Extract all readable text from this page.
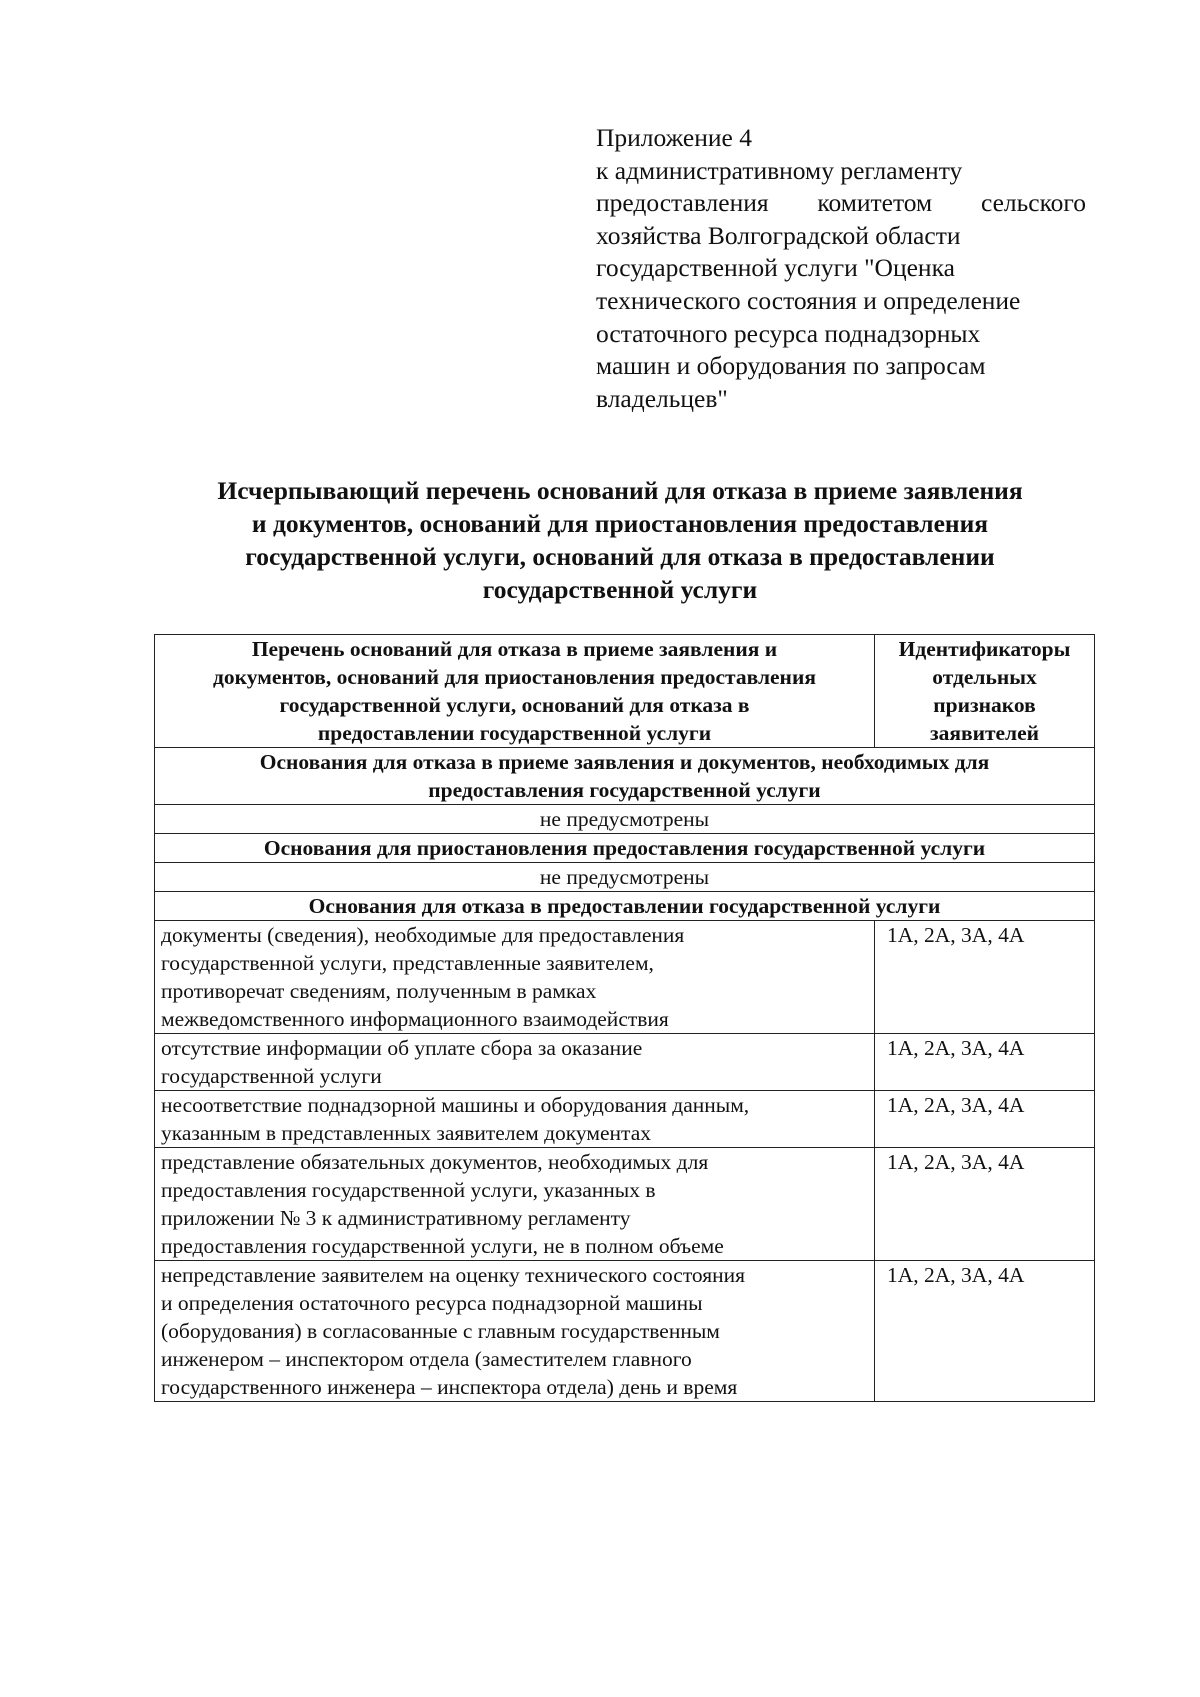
Приложение 4
к административному регламенту
предоставления комитетом сельского
хозяйства Волгоградской области
государственной услуги "Оценка
технического состояния и определение
остаточного ресурса поднадзорных
машин и оборудования по запросам
владельцев"
Исчерпывающий перечень оснований для отказа в приеме заявления
и документов, оснований для приостановления предоставления
государственной услуги, оснований для отказа в предоставлении
государственной услуги
Перечень оснований для отказа в приеме заявления и
документов, оснований для приостановления предоставления
государственной услуги, оснований для отказа в
предоставлении государственной услуги	Идентификаторы
отдельных
признаков
заявителей

Основания для отказа в приеме заявления и документов, необходимых для
предоставления государственной услуги	

не предусмотрены	
Основания для приостановления предоставления государственной услуги	
не предусмотрены	
Основания для отказа в предоставлении государственной услуги	

документы (сведения), необходимые для предоставления
государственной услуги, представленные заявителем,
противоречат сведениям, полученным в рамках
межведомственного информационного взаимодействия	1А, 2А, 3А, 4А

отсутствие информации об уплате сбора за оказание
государственной услуги	1А, 2А, 3А, 4А

несоответствие поднадзорной машины и оборудования данным,
указанным в представленных заявителем документах	1А, 2А, 3А, 4А

представление обязательных документов, необходимых для
предоставления государственной услуги, указанных в
приложении № 3 к административному регламенту
предоставления государственной услуги, не в полном объеме	1А, 2А, 3А, 4А

непредставление заявителем на оценку технического состояния
и определения остаточного ресурса поднадзорной машины
(оборудования) в согласованные с главным государственным
инженером – инспектором отдела (заместителем главного
государственного инженера – инспектора отдела) день и время	1А, 2А, 3А, 4А
